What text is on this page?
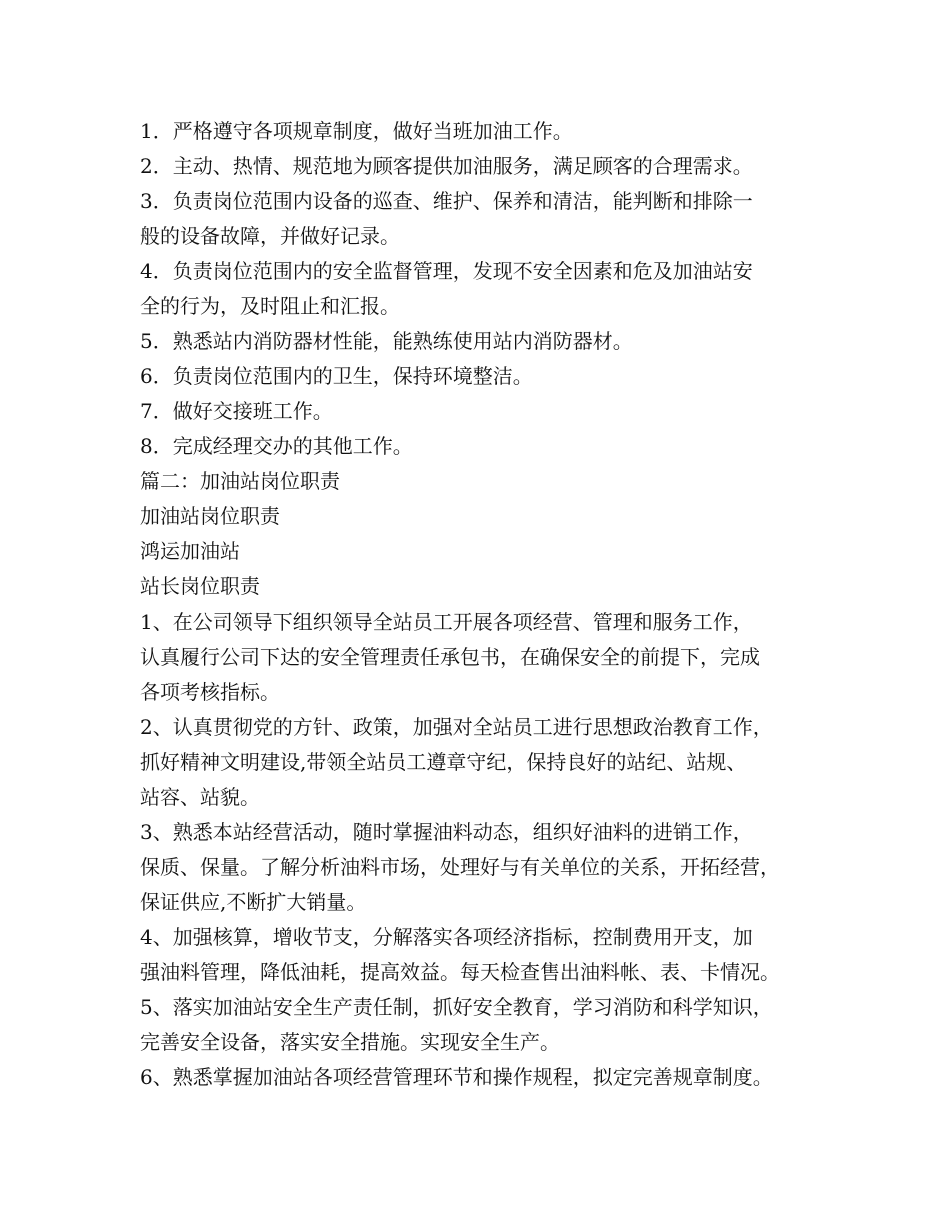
1．严格遵守各项规章制度，做好当班加油工作。
2．主动、热情、规范地为顾客提供加油服务，满足顾客的合理需求。
3．负责岗位范围内设备的巡查、维护、保养和清洁，能判断和排除一
般的设备故障，并做好记录。
4．负责岗位范围内的安全监督管理，发现不安全因素和危及加油站安
全的行为，及时阻止和汇报。
5．熟悉站内消防器材性能，能熟练使用站内消防器材。
6．负责岗位范围内的卫生，保持环境整洁。
7．做好交接班工作。
8．完成经理交办的其他工作。
篇二：加油站岗位职责
加油站岗位职责
鸿运加油站
站长岗位职责
1、在公司领导下组织领导全站员工开展各项经营、管理和服务工作，
认真履行公司下达的安全管理责任承包书，在确保安全的前提下，完成
各项考核指标。
2、认真贯彻党的方针、政策，加强对全站员工进行思想政治教育工作，
抓好精神文明建设,带领全站员工遵章守纪，保持良好的站纪、站规、
站容、站貌。
3、熟悉本站经营活动，随时掌握油料动态，组织好油料的进销工作，
保质、保量。了解分析油料市场，处理好与有关单位的关系，开拓经营，
保证供应,不断扩大销量。
4、加强核算，增收节支，分解落实各项经济指标，控制费用开支，加
强油料管理，降低油耗，提高效益。每天检查售出油料帐、表、卡情况。
5、落实加油站安全生产责任制，抓好安全教育，学习消防和科学知识，
完善安全设备，落实安全措施。实现安全生产。
6、熟悉掌握加油站各项经营管理环节和操作规程，拟定完善规章制度。
